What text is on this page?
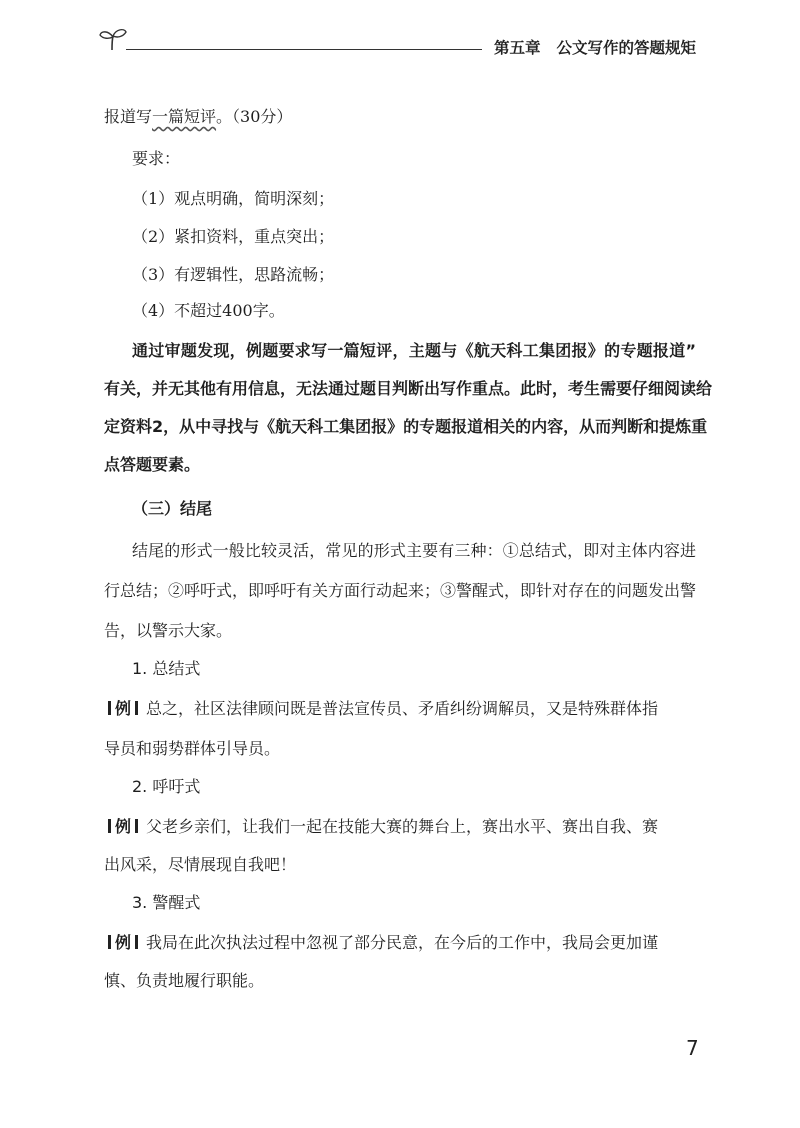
第五章 公文写作的答题规矩
报道写一篇短评。（30分）
要求：
（1）观点明确，简明深刻；
（2）紧扣资料，重点突出；
（3）有逻辑性，思路流畅；
（4）不超过400字。
通过审题发现，例题要求写一篇短评，主题与《航天科工集团报》的专题报道”
有关，并无其他有用信息，无法通过题目判断出写作重点。此时，考生需要仔细阅读给
定资料2，从中寻找与《航天科工集团报》的专题报道相关的内容，从而判断和提炼重
点答题要素。
（三）结尾
结尾的形式一般比较灵活，常见的形式主要有三种：①总结式，即对主体内容进
行总结；②呼吁式，即呼吁有关方面行动起来；③警醒式，即针对存在的问题发出警
告，以警示大家。
1. 总结式
例 总之，社区法律顾问既是普法宣传员、矛盾纠纷调解员，又是特殊群体指
导员和弱势群体引导员。
2. 呼吁式
例 父老乡亲们，让我们一起在技能大赛的舞台上，赛出水平、赛出自我、赛
出风采，尽情展现自我吧！
3. 警醒式
例 我局在此次执法过程中忽视了部分民意，在今后的工作中，我局会更加谨
慎、负责地履行职能。
7
